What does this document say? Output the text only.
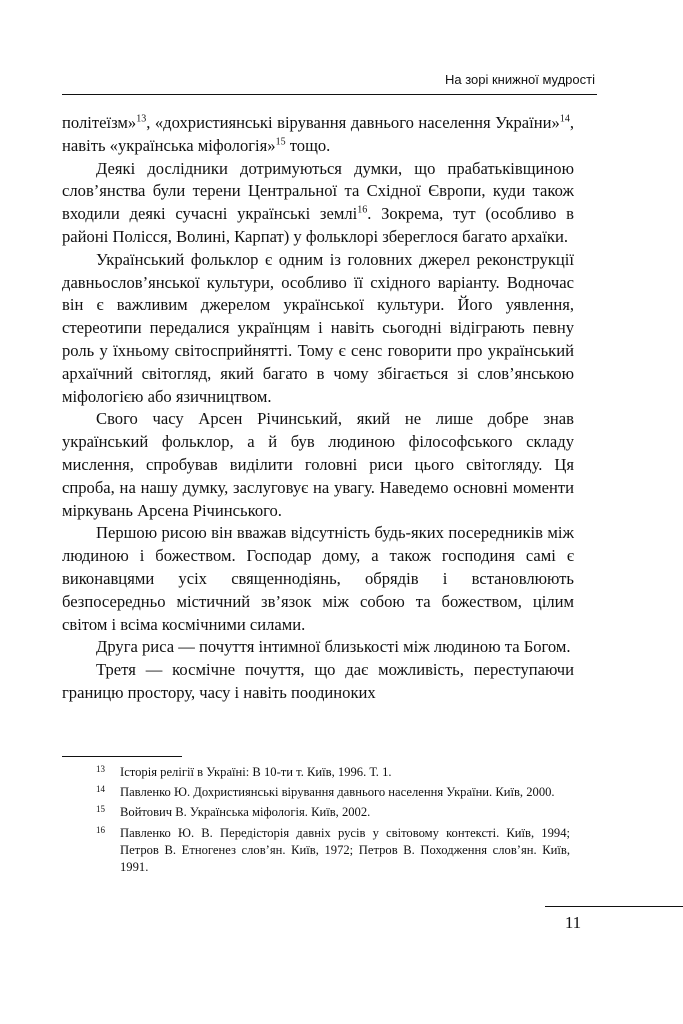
На зорі книжної мудрості

політеїзм»$^{13}$, «дохристиянські вірування давнього населення України»$^{14}$, навіть «українська міфологія»$^{15}$ тощо.

Деякі дослідники дотримуються думки, що прабатьківщиною слов’янства були терени Центральної та Східної Європи, куди також входили деякі сучасні українські землі$^{16}$. Зокрема, тут (особливо в районі Полісся, Волині, Карпат) у фольклорі збереглося багато архаїки.

Український фольклор є одним із головних джерел реконструкції давньослов’янської культури, особливо її східного варіанту. Водночас він є важливим джерелом української культури. Його уявлення, стереотипи передалися українцям і навіть сьогодні відіграють певну роль у їхньому світосприйнятті. Тому є сенс говорити про український архаїчний світогляд, який багато в чому збігається зі слов’янською міфологією або язичництвом.

Свого часу Арсен Річинський, який не лише добре знав український фольклор, а й був людиною філософського складу мислення, спробував виділити головні риси цього світогляду. Ця спроба, на нашу думку, заслуговує на увагу. Наведемо основні моменти міркувань Арсена Річинського.

Першою рисою він вважав відсутність будь-яких посередників між людиною і божеством. Господар дому, а також господиня самі є виконавцями усіх священнодіянь, обрядів і встановлюють безпосередньо містичний зв’язок між собою та божеством, цілим світом і всіма космічними силами.

Друга риса — почуття інтимної близькості між людиною та Богом.

Третя — космічне почуття, що дає можливість, переступаючи границю простору, часу і навіть поодиноких

13 Історія релігії в Україні: В 10-ти т. Київ, 1996. Т. 1.
14 Павленко Ю. Дохристиянські вірування давнього населення України. Київ, 2000.
15 Войтович В. Українська міфологія. Київ, 2002.
16 Павленко Ю. В. Передісторія давніх русів у світовому контексті. Київ, 1994; Петров В. Етногенез слов’ян. Київ, 1972; Петров В. Походження слов’ян. Київ, 1991.
11
